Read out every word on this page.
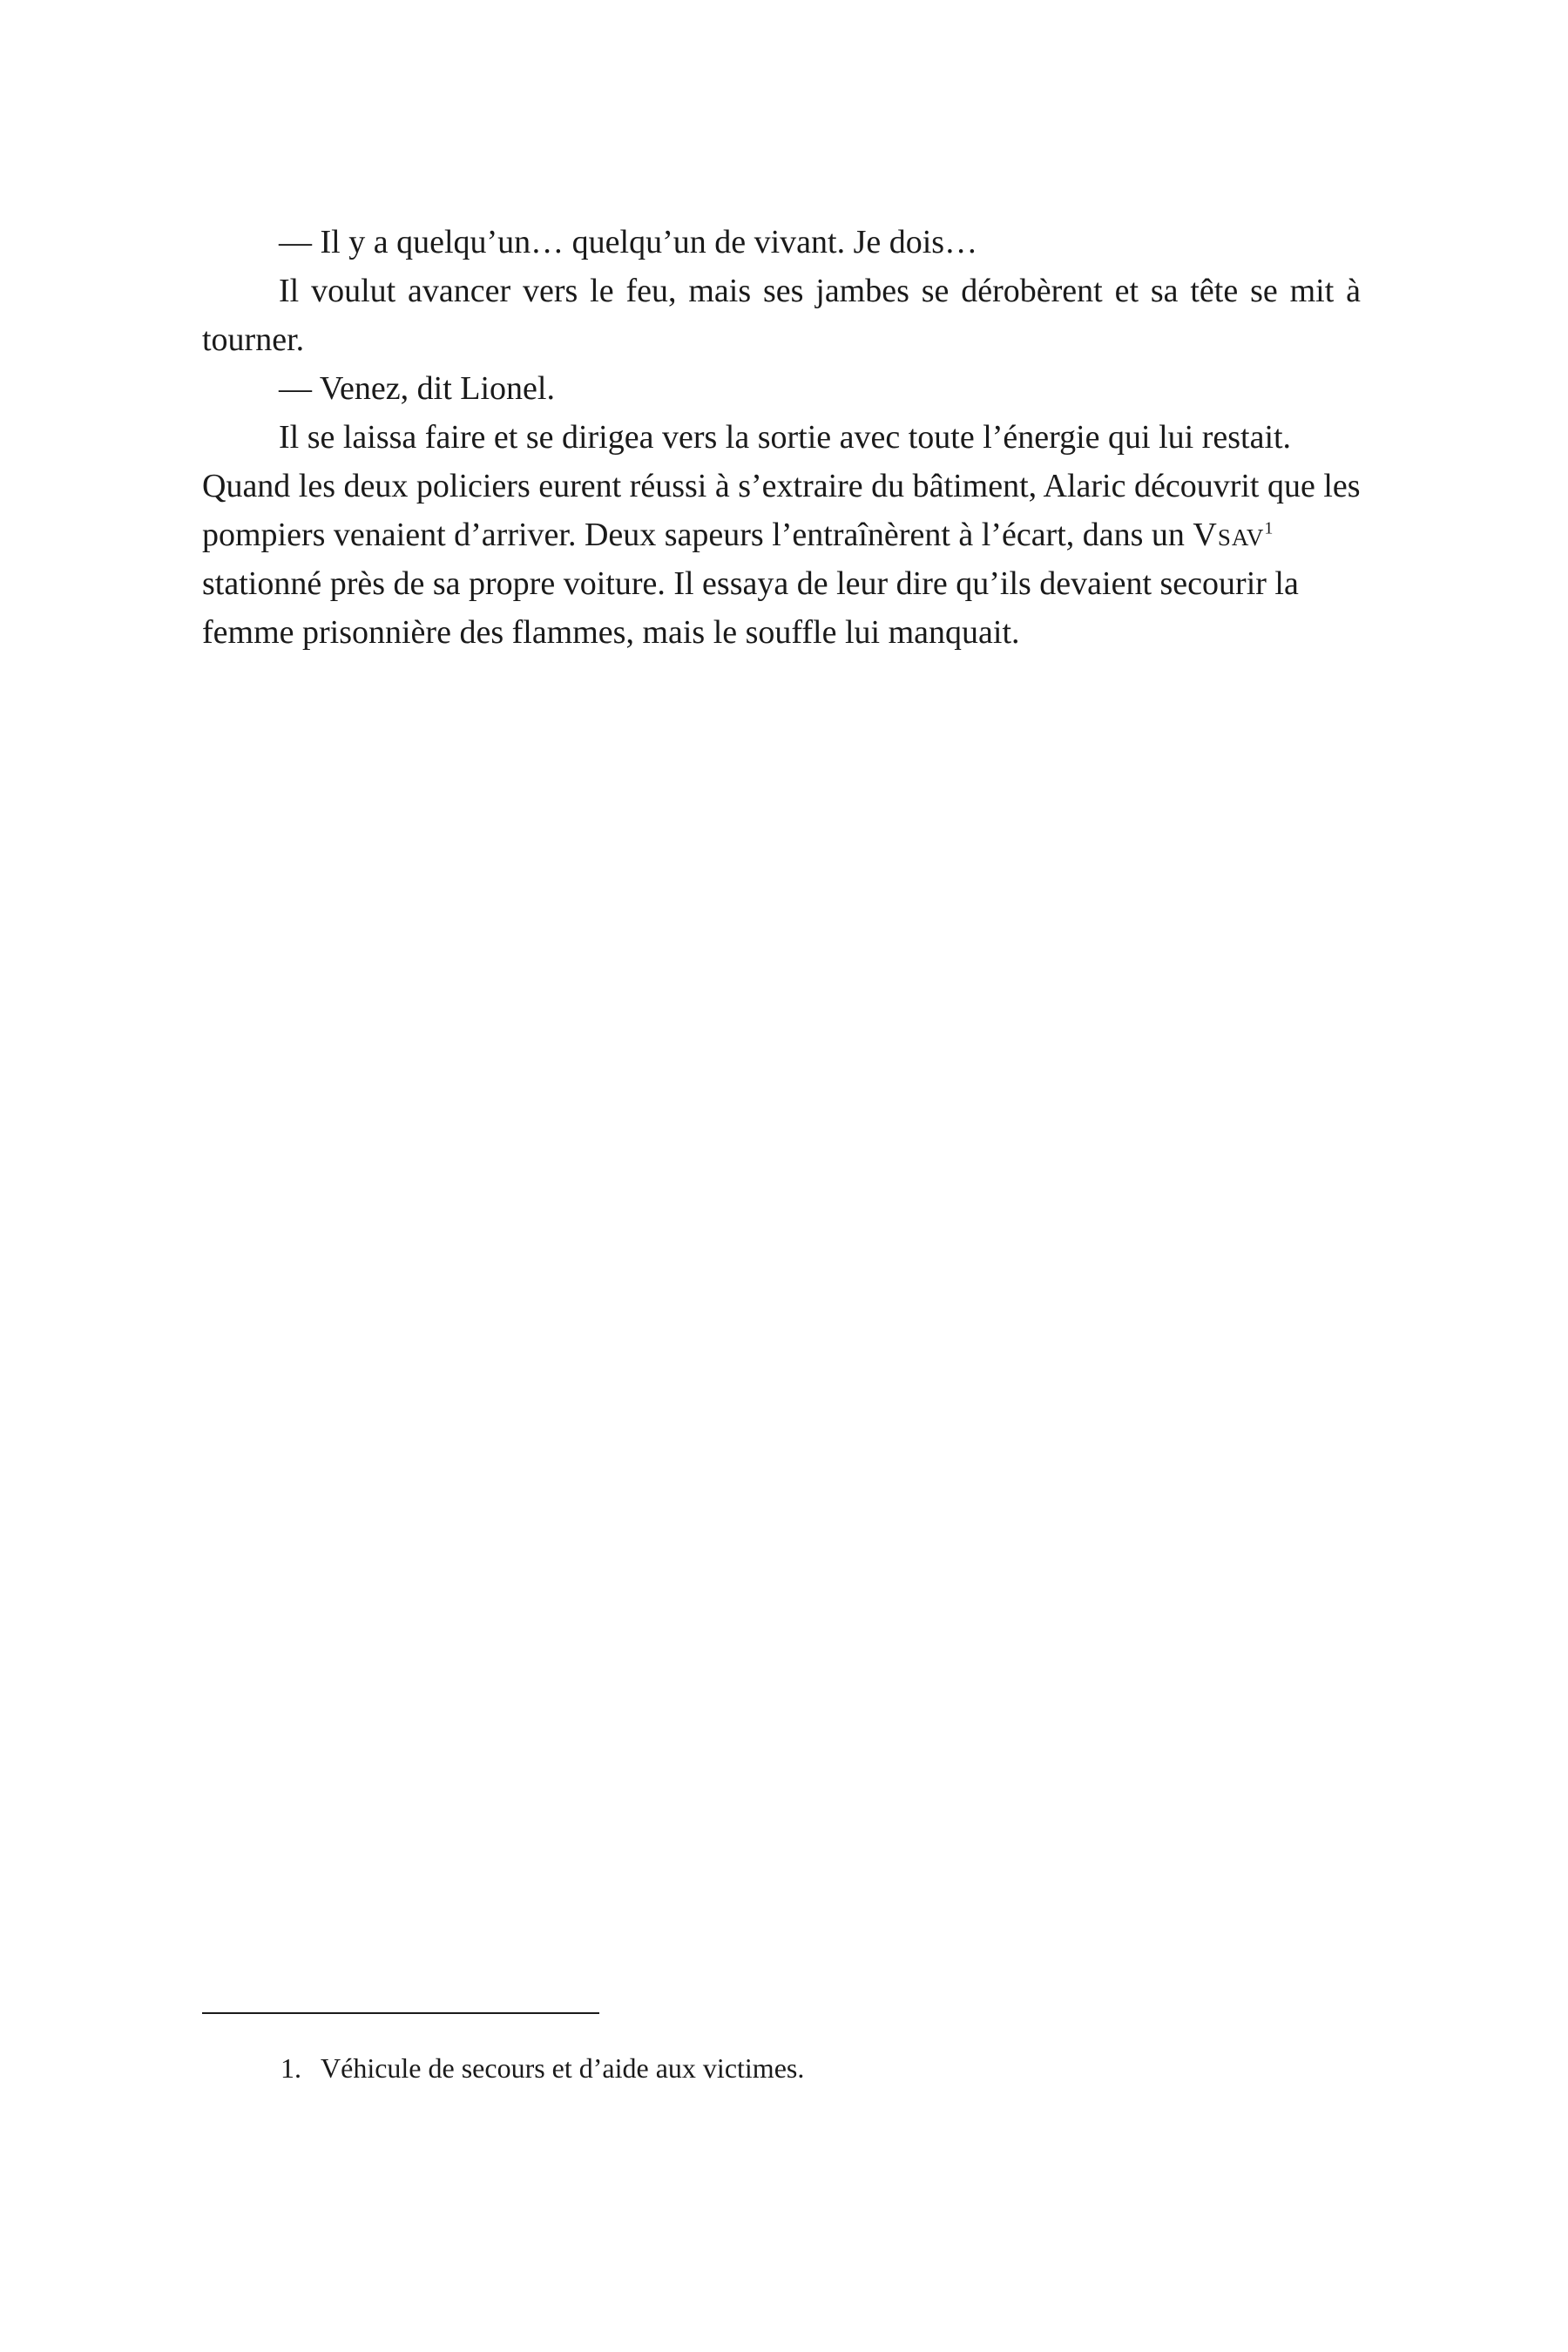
— Il y a quelqu’un… quelqu’un de vivant. Je dois…

Il voulut avancer vers le feu, mais ses jambes se dérobèrent et sa tête se mit à tourner.

— Venez, dit Lionel.

Il se laissa faire et se dirigea vers la sortie avec toute l’énergie qui lui restait. Quand les deux policiers eurent réussi à s’extraire du bâtiment, Alaric découvrit que les pompiers venaient d’arriver. Deux sapeurs l’entraînèrent à l’écart, dans un Vsav$^1$ stationné près de sa propre voiture. Il essaya de leur dire qu’ils devaient secourir la femme prisonnière des flammes, mais le souffle lui manquait.

1. Véhicule de secours et d’aide aux victimes.
